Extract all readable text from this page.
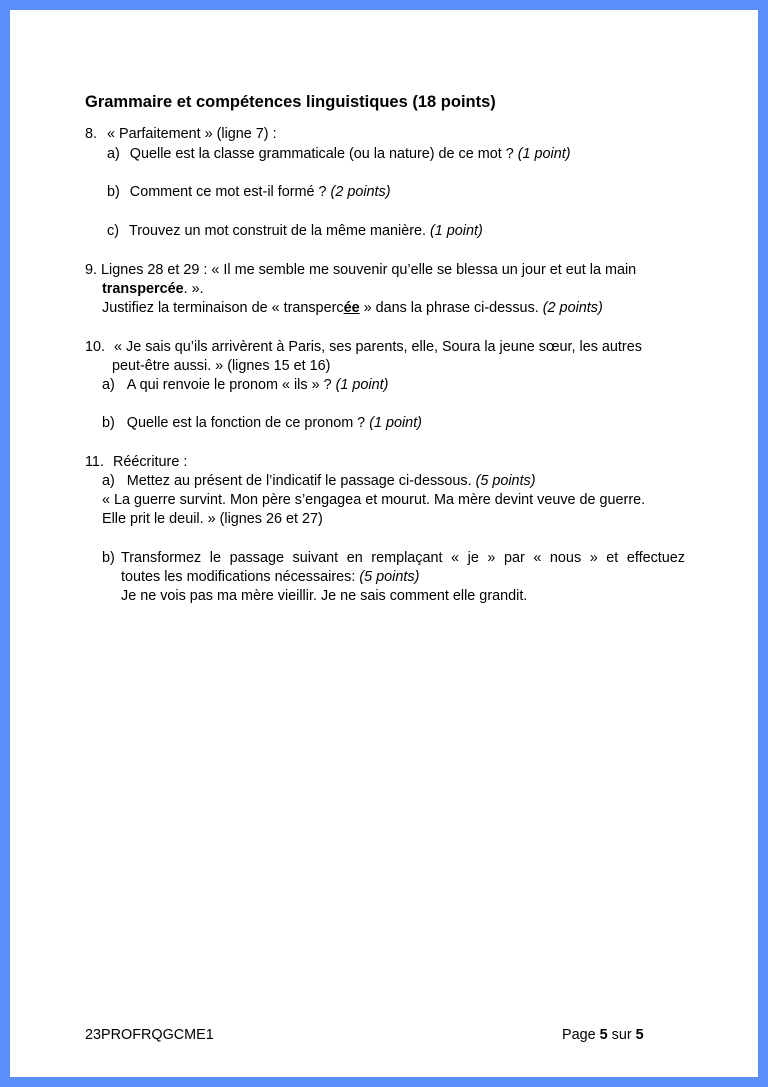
Grammaire et compétences linguistiques (18 points)
8. « Parfaitement » (ligne 7) :
a) Quelle est la classe grammaticale (ou la nature) de ce mot ? (1 point)
b) Comment ce mot est-il formé ? (2 points)
c) Trouvez un mot construit de la même manière. (1 point)
9. Lignes 28 et 29 : « Il me semble me souvenir qu’elle se blessa un jour et eut la main
transpercée. ».
Justifiez la terminaison de « transpercée » dans la phrase ci-dessus. (2 points)
10. « Je sais qu’ils arrivèrent à Paris, ses parents, elle, Soura la jeune sœur, les autres
peut-être aussi. » (lignes 15 et 16)
a) A qui renvoie le pronom « ils » ? (1 point)
b) Quelle est la fonction de ce pronom ? (1 point)
11. Réécriture :
a) Mettez au présent de l’indicatif le passage ci-dessous. (5 points)
« La guerre survint. Mon père s’engagea et mourut. Ma mère devint veuve de guerre.
Elle prit le deuil. » (lignes 26 et 27)
b) Transformez le passage suivant en remplaçant « je » par « nous » et effectuez
toutes les modifications nécessaires: (5 points)
Je ne vois pas ma mère vieillir. Je ne sais comment elle grandit.
23PROFRQGCME1	Page 5 sur 5
